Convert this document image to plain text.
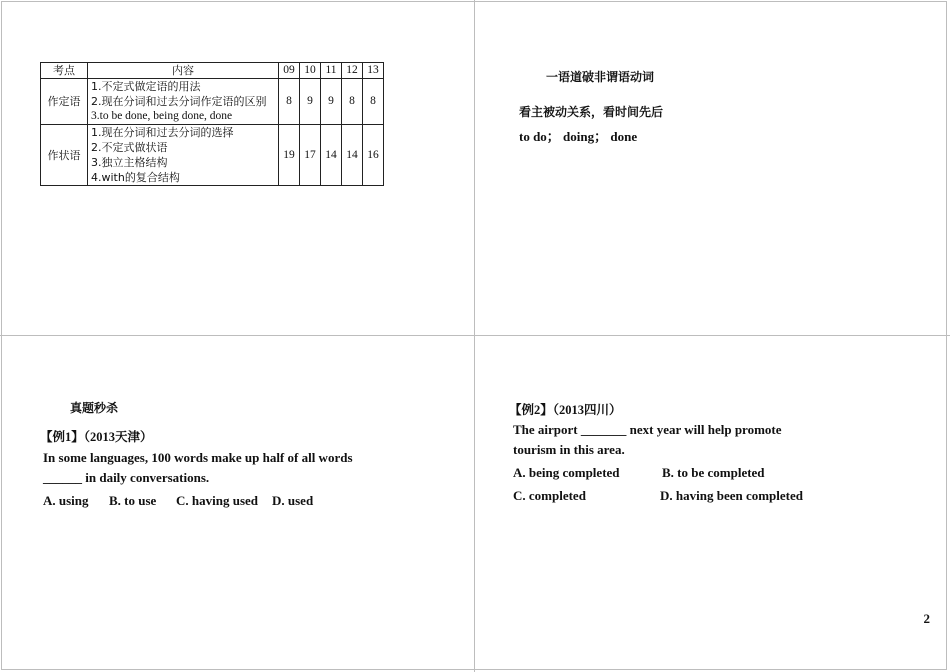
考点	内容	09	10	11	12	13
作定语	1.不定式做定语的用法
2.现在分词和过去分词作定语的区别
3.to be done, being done, done	8	9	9	8	8
作状语	1.现在分词和过去分词的选择
2.不定式做状语
3.独立主格结构
4.with的复合结构	19	17	14	14	16
一语道破非谓语动词
看主被动关系，看时间先后
to do； doing； done
真题秒杀
【例1】（2013天津）
In some languages, 100 words make up half of all words
______ in daily conversations.
A. using B. to use C. having used D. used
【例2】（2013四川）
The airport _______ next year will help promote
tourism in this area.
A. being completed	B. to be completed
C. completed	D. having been completed
2
